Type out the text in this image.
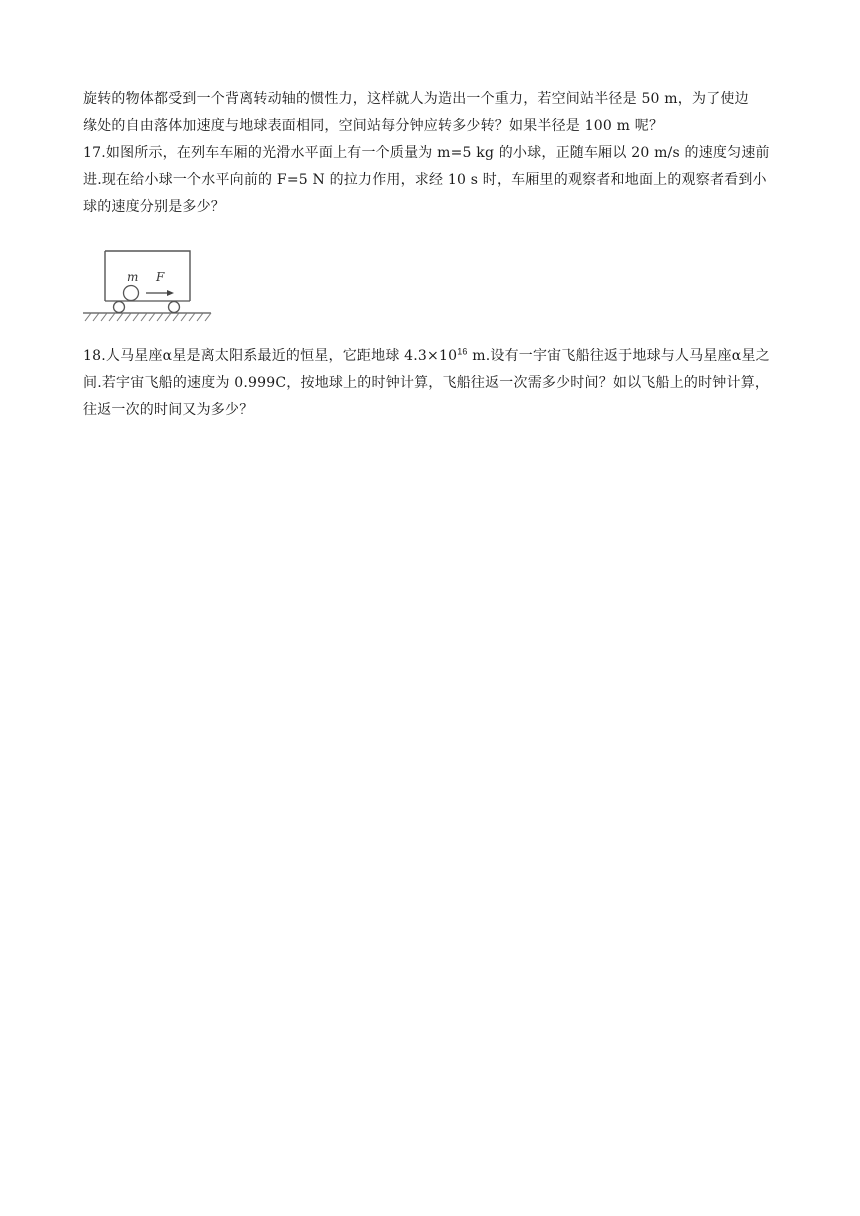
旋转的物体都受到一个背离转动轴的惯性力，这样就人为造出一个重力，若空间站半径是 50 m，为了使边
缘处的自由落体加速度与地球表面相同，空间站每分钟应转多少转？如果半径是 100 m 呢？

17.如图所示，在列车车厢的光滑水平面上有一个质量为 m=5 kg 的小球，正随车厢以 20 m/s 的速度匀速前
进.现在给小球一个水平向前的 F=5 N 的拉力作用，求经 10 s 时，车厢里的观察者和地面上的观察者看到小
球的速度分别是多少？

m F

18.人马星座α星是离太阳系最近的恒星，它距地球 $4.3\times 10^{16}$ m.设有一宇宙飞船往返于地球与人马星座α星之
间.若宇宙飞船的速度为 0.999C，按地球上的时钟计算，飞船往返一次需多少时间？如以飞船上的时钟计算，
往返一次的时间又为多少？
